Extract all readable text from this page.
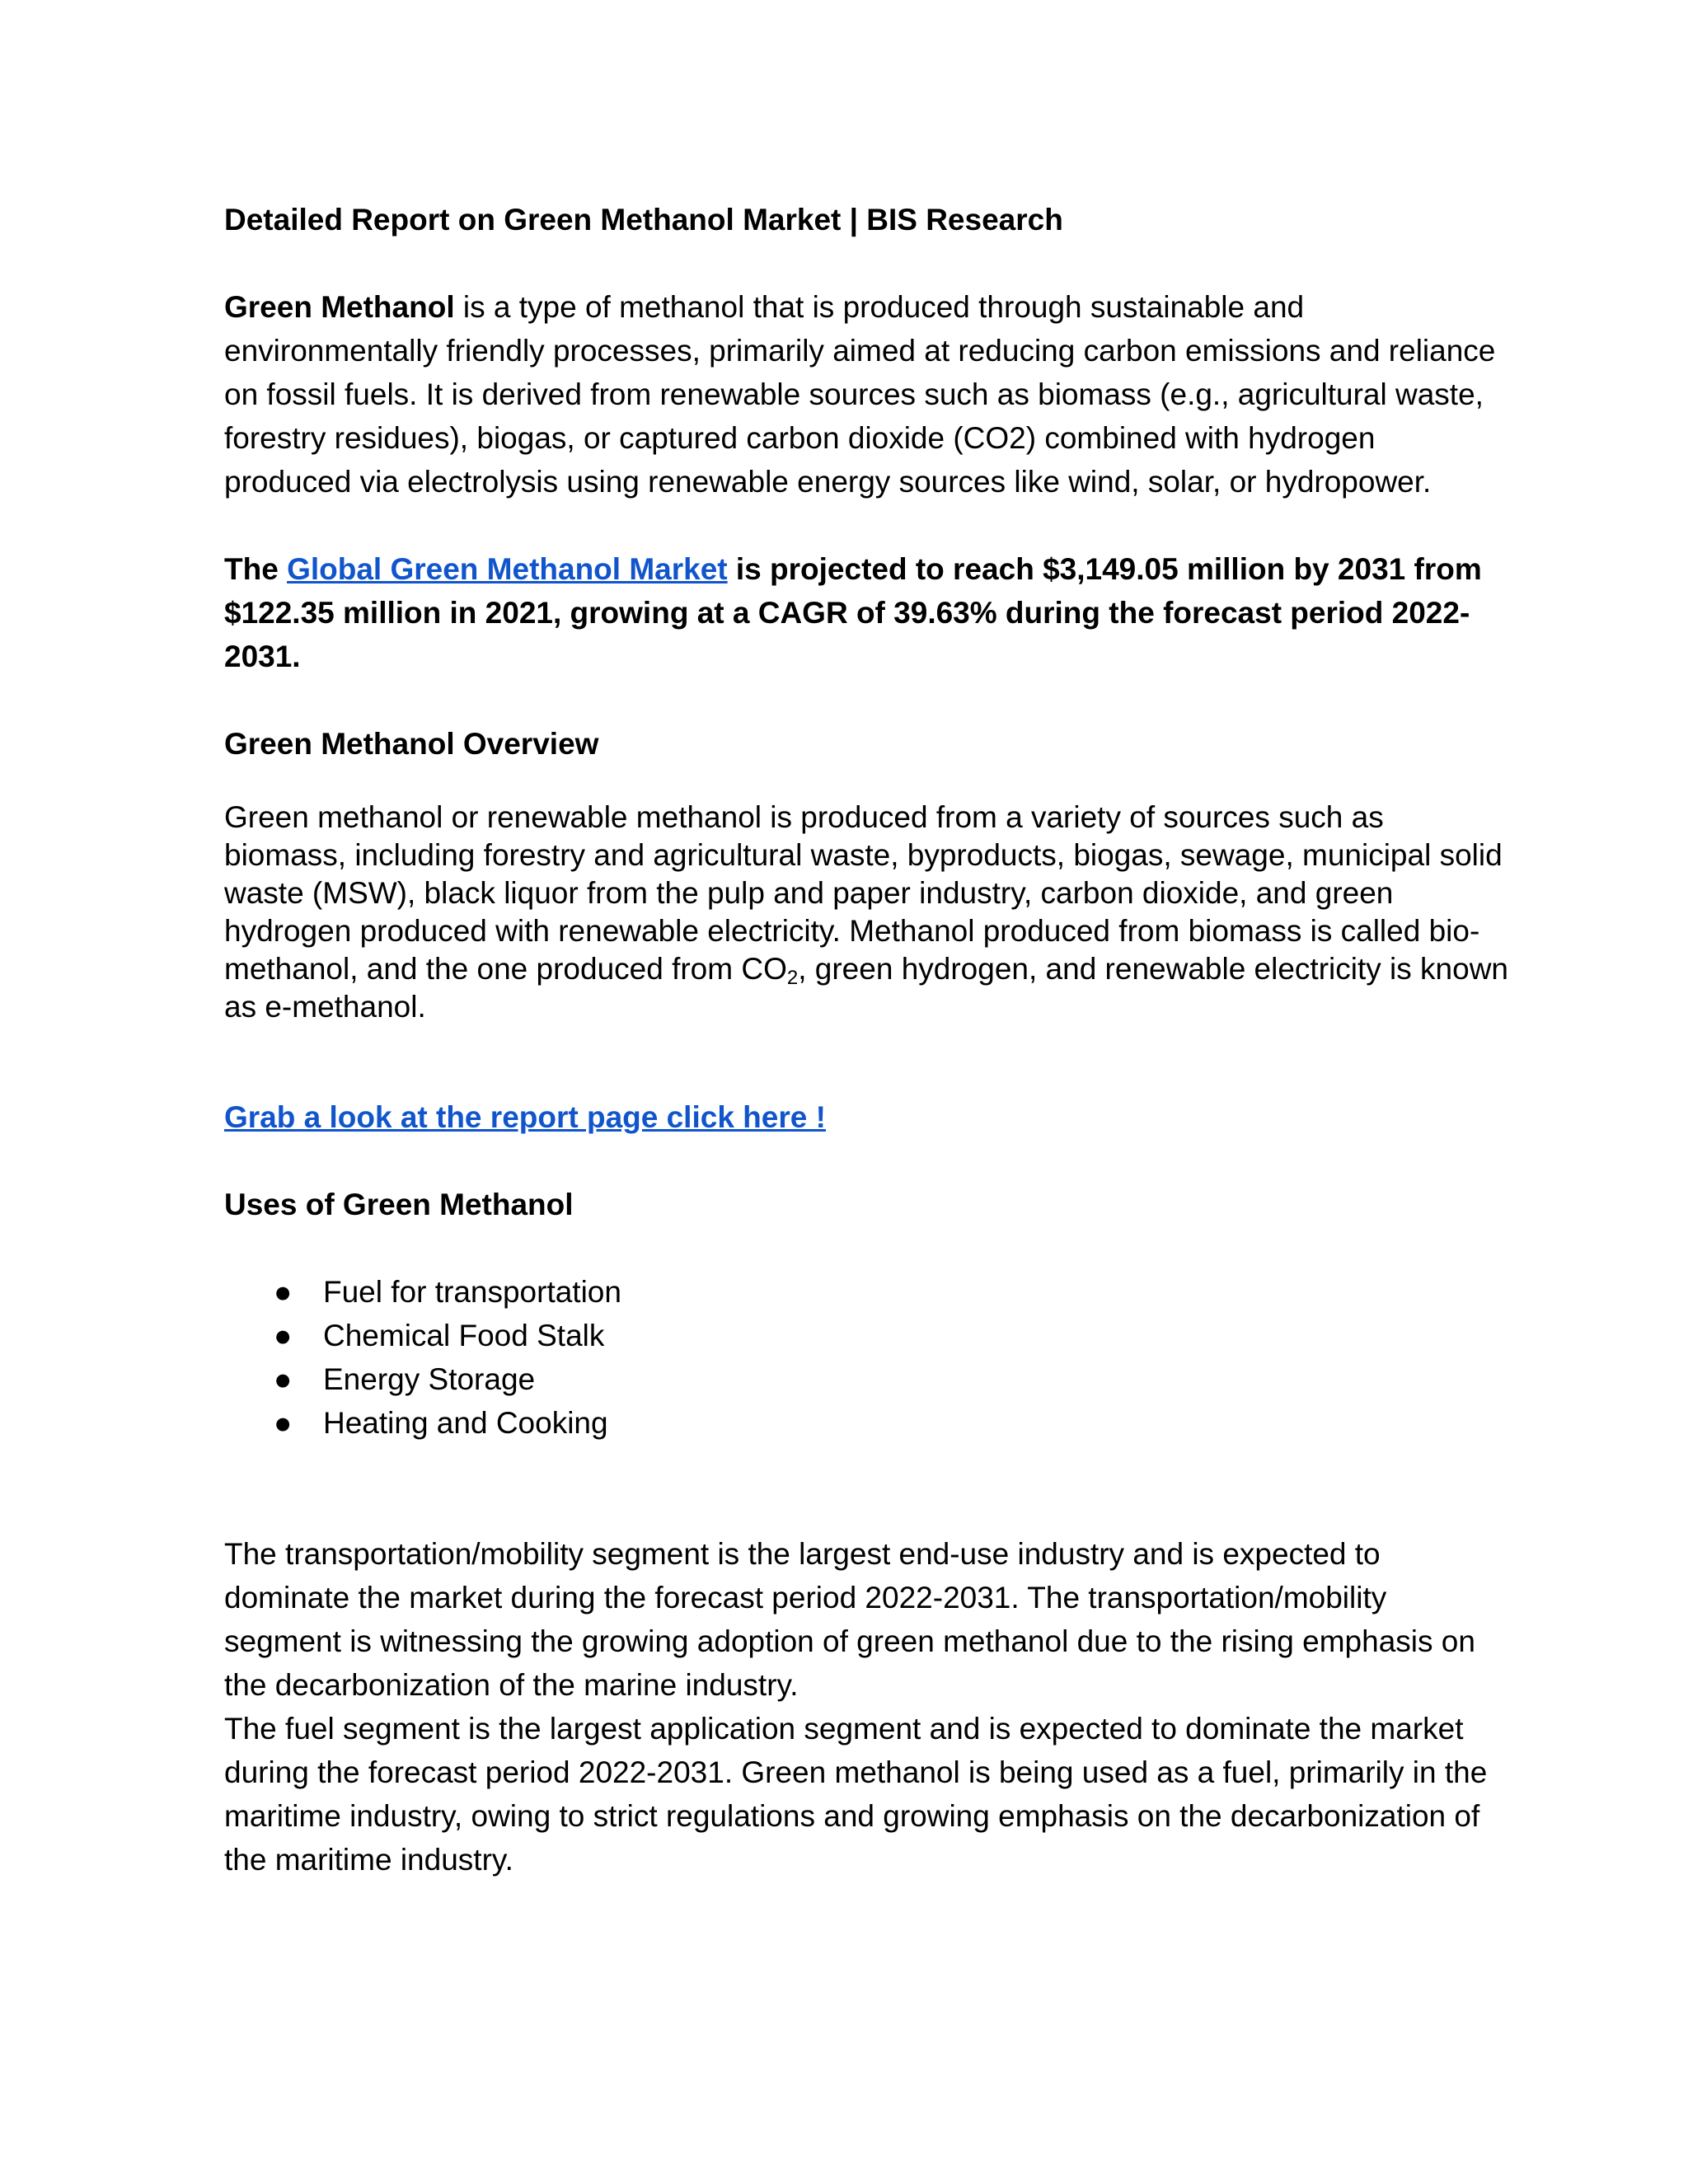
Detailed Report on Green Methanol Market | BIS Research

Green Methanol is a type of methanol that is produced through sustainable and environmentally friendly processes, primarily aimed at reducing carbon emissions and reliance on fossil fuels. It is derived from renewable sources such as biomass (e.g., agricultural waste, forestry residues), biogas, or captured carbon dioxide (CO2) combined with hydrogen produced via electrolysis using renewable energy sources like wind, solar, or hydropower.

The Global Green Methanol Market is projected to reach $3,149.05 million by 2031 from $122.35 million in 2021, growing at a CAGR of 39.63% during the forecast period 2022-2031.

Green Methanol Overview

Green methanol or renewable methanol is produced from a variety of sources such as biomass, including forestry and agricultural waste, byproducts, biogas, sewage, municipal solid waste (MSW), black liquor from the pulp and paper industry, carbon dioxide, and green hydrogen produced with renewable electricity. Methanol produced from biomass is called bio-methanol, and the one produced from $CO_2$, green hydrogen, and renewable electricity is known as e-methanol.

Grab a look at the report page click here !

Uses of Green Methanol

● Fuel for transportation
● Chemical Food Stalk
● Energy Storage
● Heating and Cooking

The transportation/mobility segment is the largest end-use industry and is expected to dominate the market during the forecast period 2022-2031. The transportation/mobility segment is witnessing the growing adoption of green methanol due to the rising emphasis on the decarbonization of the marine industry.

The fuel segment is the largest application segment and is expected to dominate the market during the forecast period 2022-2031. Green methanol is being used as a fuel, primarily in the maritime industry, owing to strict regulations and growing emphasis on the decarbonization of the maritime industry.
